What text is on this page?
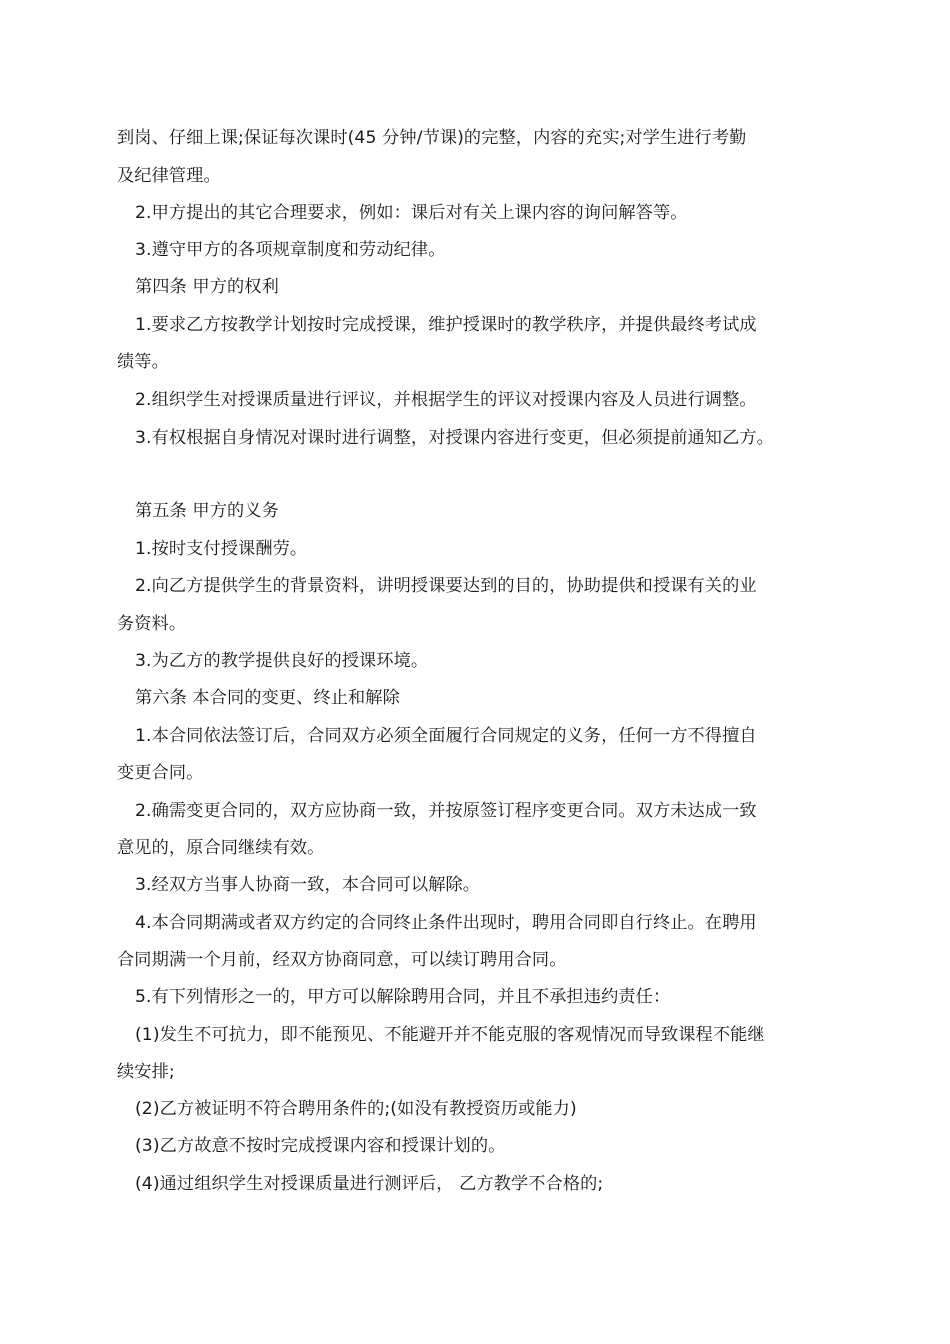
到岗、仔细上课;保证每次课时(45 分钟/节课)的完整，内容的充实;对学生进行考勤
及纪律管理。
2.甲方提出的其它合理要求，例如：课后对有关上课内容的询问解答等。
3.遵守甲方的各项规章制度和劳动纪律。
第四条 甲方的权利
1.要求乙方按教学计划按时完成授课，维护授课时的教学秩序，并提供最终考试成
绩等。
2.组织学生对授课质量进行评议，并根据学生的评议对授课内容及人员进行调整。
3.有权根据自身情况对课时进行调整，对授课内容进行变更，但必须提前通知乙方。
第五条 甲方的义务
1.按时支付授课酬劳。
2.向乙方提供学生的背景资料，讲明授课要达到的目的，协助提供和授课有关的业
务资料。
3.为乙方的教学提供良好的授课环境。
第六条 本合同的变更、终止和解除
1.本合同依法签订后，合同双方必须全面履行合同规定的义务，任何一方不得擅自
变更合同。
2.确需变更合同的，双方应协商一致，并按原签订程序变更合同。双方未达成一致
意见的，原合同继续有效。
3.经双方当事人协商一致，本合同可以解除。
4.本合同期满或者双方约定的合同终止条件出现时，聘用合同即自行终止。在聘用
合同期满一个月前，经双方协商同意，可以续订聘用合同。
5.有下列情形之一的，甲方可以解除聘用合同，并且不承担违约责任：
(1)发生不可抗力，即不能预见、不能避开并不能克服的客观情况而导致课程不能继
续安排;
(2)乙方被证明不符合聘用条件的;(如没有教授资历或能力)
(3)乙方故意不按时完成授课内容和授课计划的。
(4)通过组织学生对授课质量进行测评后， 乙方教学不合格的;
